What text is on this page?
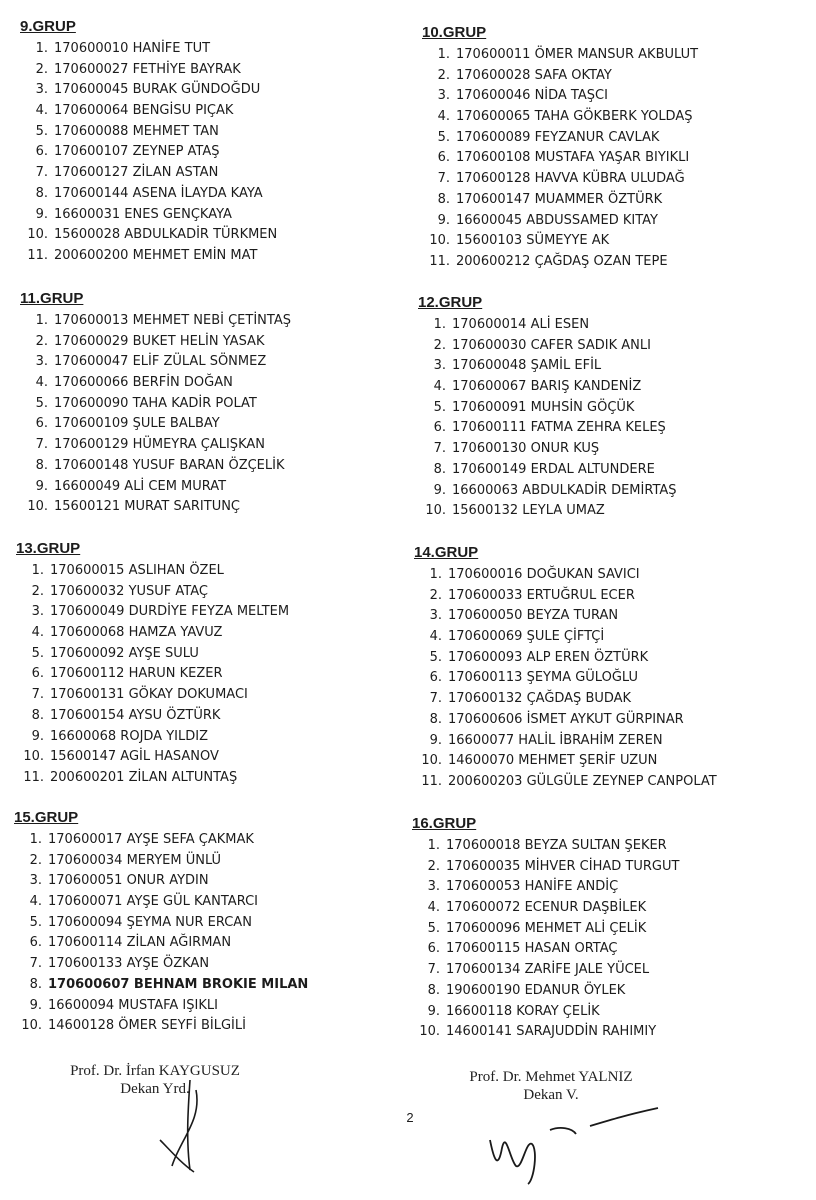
9.GRUP
1. 170600010 HANİFE TUT
2. 170600027 FETHİYE BAYRAK
3. 170600045 BURAK GÜNDOĞDU
4. 170600064 BENGİSU PIÇAK
5. 170600088 MEHMET TAN
6. 170600107 ZEYNEP ATAŞ
7. 170600127 ZİLAN ASTAN
8. 170600144 ASENA İLAYDA KAYA
9. 16600031 ENES GENÇKAYA
10. 15600028 ABDULKADİR TÜRKMEN
11. 200600200 MEHMET EMİN MAT
10.GRUP
1. 170600011 ÖMER MANSUR AKBULUT
2. 170600028 SAFA OKTAY
3. 170600046 NİDA TAŞCI
4. 170600065 TAHA GÖKBERK YOLDAŞ
5. 170600089 FEYZANUR CAVLAK
6. 170600108 MUSTAFA YAŞAR BIYIKLI
7. 170600128 HAVVA KÜBRA ULUDAĞ
8. 170600147 MUAMMER ÖZTÜRK
9. 16600045 ABDUSSAMED KITAY
10. 15600103 SÜMEYYE AK
11. 200600212 ÇAĞDAŞ OZAN TEPE
11.GRUP
1. 170600013 MEHMET NEBİ ÇETİNTAŞ
2. 170600029 BUKET HELİN YASAK
3. 170600047 ELİF ZÜLAL SÖNMEZ
4. 170600066 BERFİN DOĞAN
5. 170600090 TAHA KADİR POLAT
6. 170600109 ŞULE BALBAY
7. 170600129 HÜMEYRA ÇALIŞKAN
8. 170600148 YUSUF BARAN ÖZÇELİK
9. 16600049 ALİ CEM MURAT
10. 15600121 MURAT SARITUNÇ
12.GRUP
1. 170600014 ALİ ESEN
2. 170600030 CAFER SADIK ANLI
3. 170600048 ŞAMİL EFİL
4. 170600067 BARIŞ KANDENİZ
5. 170600091 MUHSİN GÖÇÜK
6. 170600111 FATMA ZEHRA KELEŞ
7. 170600130 ONUR KUŞ
8. 170600149 ERDAL ALTUNDERE
9. 16600063 ABDULKADİR DEMİRTAŞ
10. 15600132 LEYLA UMAZ
13.GRUP
1. 170600015 ASLIHAN ÖZEL
2. 170600032 YUSUF ATAÇ
3. 170600049 DURDİYE FEYZA MELTEM
4. 170600068 HAMZA YAVUZ
5. 170600092 AYŞE SULU
6. 170600112 HARUN KEZER
7. 170600131 GÖKAY DOKUMACI
8. 170600154 AYSU ÖZTÜRK
9. 16600068 ROJDA YILDIZ
10. 15600147 AGİL HASANOV
11. 200600201 ZİLAN ALTUNTAŞ
14.GRUP
1. 170600016 DOĞUKAN SAVICI
2. 170600033 ERTUĞRUL ECER
3. 170600050 BEYZA TURAN
4. 170600069 ŞULE ÇİFTÇİ
5. 170600093 ALP EREN ÖZTÜRK
6. 170600113 ŞEYMA GÜLOĞLU
7. 170600132 ÇAĞDAŞ BUDAK
8. 170600606 İSMET AYKUT GÜRPINAR
9. 16600077 HALİL İBRAHİM ZEREN
10. 14600070 MEHMET ŞERİF UZUN
11. 200600203 GÜLGÜLE ZEYNEP CANPOLAT
15.GRUP
1. 170600017 AYŞE SEFA ÇAKMAK
2. 170600034 MERYEM ÜNLÜ
3. 170600051 ONUR AYDIN
4. 170600071 AYŞE GÜL KANTARCI
5. 170600094 ŞEYMA NUR ERCAN
6. 170600114 ZİLAN AĞIRMAN
7. 170600133 AYŞE ÖZKAN
8. 170600607 BEHNAM BROKIE MILAN
9. 16600094 MUSTAFA IŞIKLI
10. 14600128 ÖMER SEYFİ BİLGİLİ
16.GRUP
1. 170600018 BEYZA SULTAN ŞEKER
2. 170600035 MİHVER CİHAD TURGUT
3. 170600053 HANİFE ANDİÇ
4. 170600072 ECENUR DAŞBİLEK
5. 170600096 MEHMET ALİ ÇELİK
6. 170600115 HASAN ORTAÇ
7. 170600134 ZARİFE JALE YÜCEL
8. 190600190 EDANUR ÖYLEK
9. 16600118 KORAY ÇELİK
10. 14600141 SARAJUDDİN RAHIMIY
Prof. Dr. İrfan KAYGUSUZ
Dekan Yrd.
Prof. Dr. Mehmet YALNIZ
Dekan V.
2
